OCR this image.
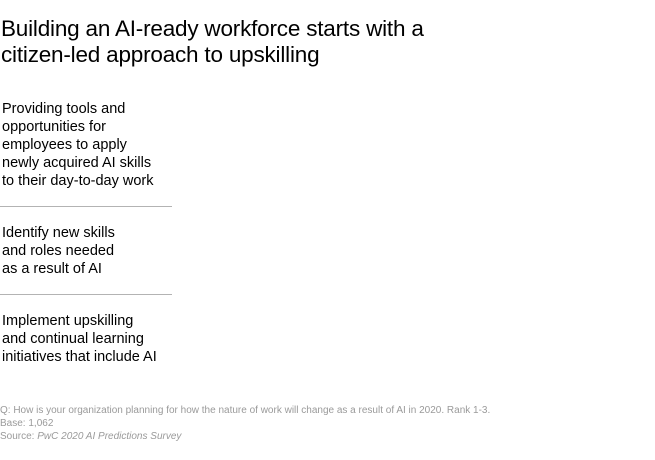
Building an AI-ready workforce starts with a
citizen-led approach to upskilling

Providing tools and
opportunities for
employees to apply
newly acquired AI skills
to their day-to-day work

Identify new skills
and roles needed
as a result of AI

Implement upskilling
and continual learning
initiatives that include AI

Q: How is your organization planning for how the nature of work will change as a result of AI in 2020. Rank 1-3.
Base: 1,062
Source: PwC 2020 AI Predictions Survey
